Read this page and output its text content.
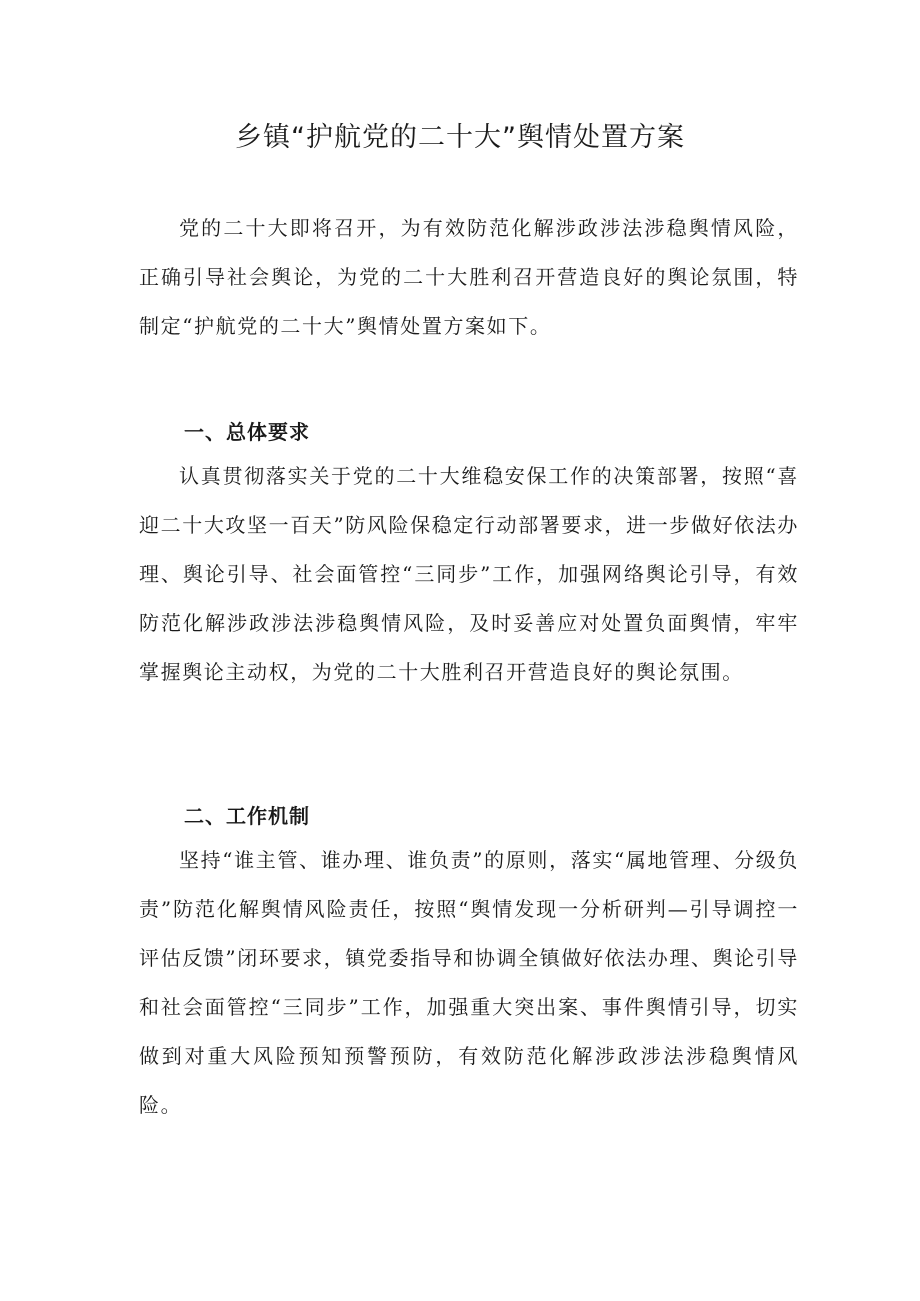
乡镇“护航党的二十大”舆情处置方案

党的二十大即将召开，为有效防范化解涉政涉法涉稳舆情风险，正确引导社会舆论，为党的二十大胜利召开营造良好的舆论氛围，特制定“护航党的二十大”舆情处置方案如下。

一、总体要求

认真贯彻落实关于党的二十大维稳安保工作的决策部署，按照“喜迎二十大攻坚一百天”防风险保稳定行动部署要求，进一步做好依法办理、舆论引导、社会面管控“三同步”工作，加强网络舆论引导，有效防范化解涉政涉法涉稳舆情风险，及时妥善应对处置负面舆情，牢牢掌握舆论主动权，为党的二十大胜利召开营造良好的舆论氛围。

二、工作机制

坚持“谁主管、谁办理、谁负责”的原则，落实“属地管理、分级负责”防范化解舆情风险责任，按照“舆情发现一分析研判—引导调控一评估反馈”闭环要求，镇党委指导和协调全镇做好依法办理、舆论引导和社会面管控“三同步”工作，加强重大突出案、事件舆情引导，切实做到对重大风险预知预警预防，有效防范化解涉政涉法涉稳舆情风险。
